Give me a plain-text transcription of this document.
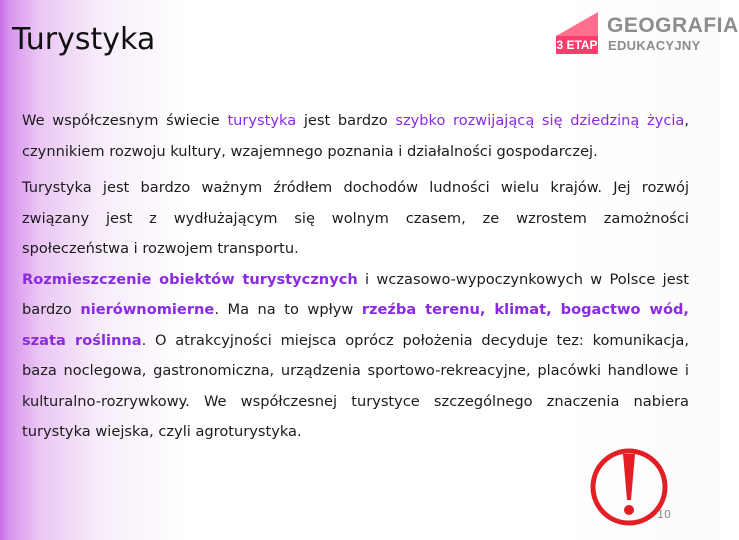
Turystyka	3 ETAP
GEOGRAFIA
EDUKACYJNY

We współczesnym świecie turystyka jest bardzo szybko rozwijającą się dziedziną życia, czynnikiem rozwoju kultury, wzajemnego poznania i działalności gospodarczej.

Turystyka jest bardzo ważnym źródłem dochodów ludności wielu krajów. Jej rozwój związany jest z wydłużającym się wolnym czasem, ze wzrostem zamożności społeczeństwa i rozwojem transportu.

Rozmieszczenie obiektów turystycznych i wczasowo-wypoczynkowych w Polsce jest bardzo nierównomierne. Ma na to wpływ rzeźba terenu, klimat, bogactwo wód, szata roślinna. O atrakcyjności miejsca oprócz położenia decyduje tez: komunikacja, baza noclegowa, gastronomiczna, urządzenia sportowo-rekreacyjne, placówki handlowe i kulturalno-rozrywkowy. We współczesnej turystyce szczególnego znaczenia nabiera turystyka wiejska, czyli agroturystyka.

10
